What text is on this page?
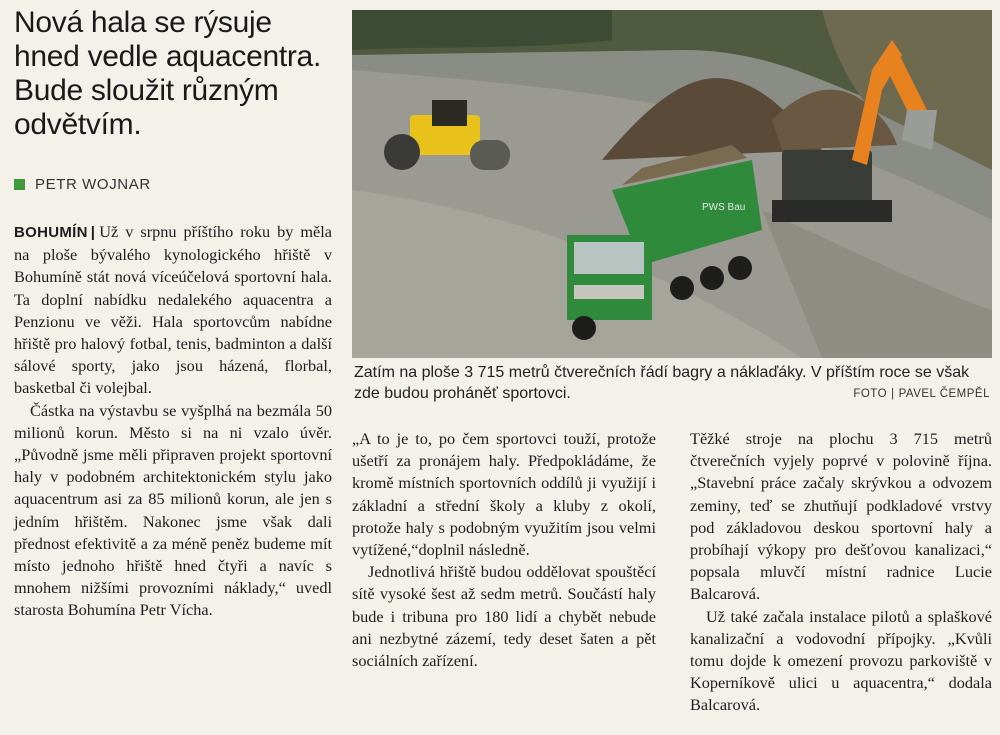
Nová hala se rýsuje hned vedle aquacentra. Bude sloužit různým odvětvím.
PETR WOJNAR
PWS Bau

Zatím na ploše 3 715 metrů čtverečních řádí bagry a náklaďáky. V příštím roce se však zde budou proháněť sportovci.	FOTO | PAVEL ČEMPĚL

BOHUMÍN | Už v srpnu příštího roku by měla na ploše bývalého kynologického hřiště v Bohumíně stát nová víceúčelová sportovní hala. Ta doplní nabídku nedalekého aquacentra a Penzionu ve věži. Hala sportovcům nabídne hřiště pro halový fotbal, tenis, badminton a další sálové sporty, jako jsou házená, florbal, basketbal či volejbal.

Částka na výstavbu se vyšplhá na bezmála 50 milionů korun. Město si na ni vzalo úvěr. „Původně jsme měli připraven projekt sportovní haly v podobném architektonickém stylu jako aquacentrum asi za 85 milionů korun, ale jen s jedním hřištěm. Nakonec jsme však dali přednost efektivitě a za méně peněz budeme mít místo jednoho hřiště hned čtyři a navíc s mnohem nižšími provozními náklady,“ uvedl starosta Bohumína Petr Vícha.

„A to je to, po čem sportovci touží, protože ušetří za pronájem haly. Předpokládáme, že kromě místních sportovních oddílů ji využijí i základní a střední školy a kluby z okolí, protože haly s podobným využitím jsou velmi vytížené,“doplnil následně.

Jednotlivá hřiště budou oddělovat spouštěcí sítě vysoké šest až sedm metrů. Součástí haly bude i tribuna pro 180 lidí a chybět nebude ani nezbytné zázemí, tedy deset šaten a pět sociálních zařízení.

Těžké stroje na plochu 3 715 metrů čtverečních vyjely poprvé v polovině října. „Stavební práce začaly skrývkou a odvozem zeminy, teď se zhutňují podkladové vrstvy pod základovou deskou sportovní haly a probíhají výkopy pro dešťovou kanalizaci,“ popsala mluvčí místní radnice Lucie Balcarová.

Už také začala instalace pilotů a splaškové kanalizační a vodovodní přípojky. „Kvůli tomu dojde k omezení provozu parkoviště v Koperníkově ulici u aquacentra,“ dodala Balcarová.
